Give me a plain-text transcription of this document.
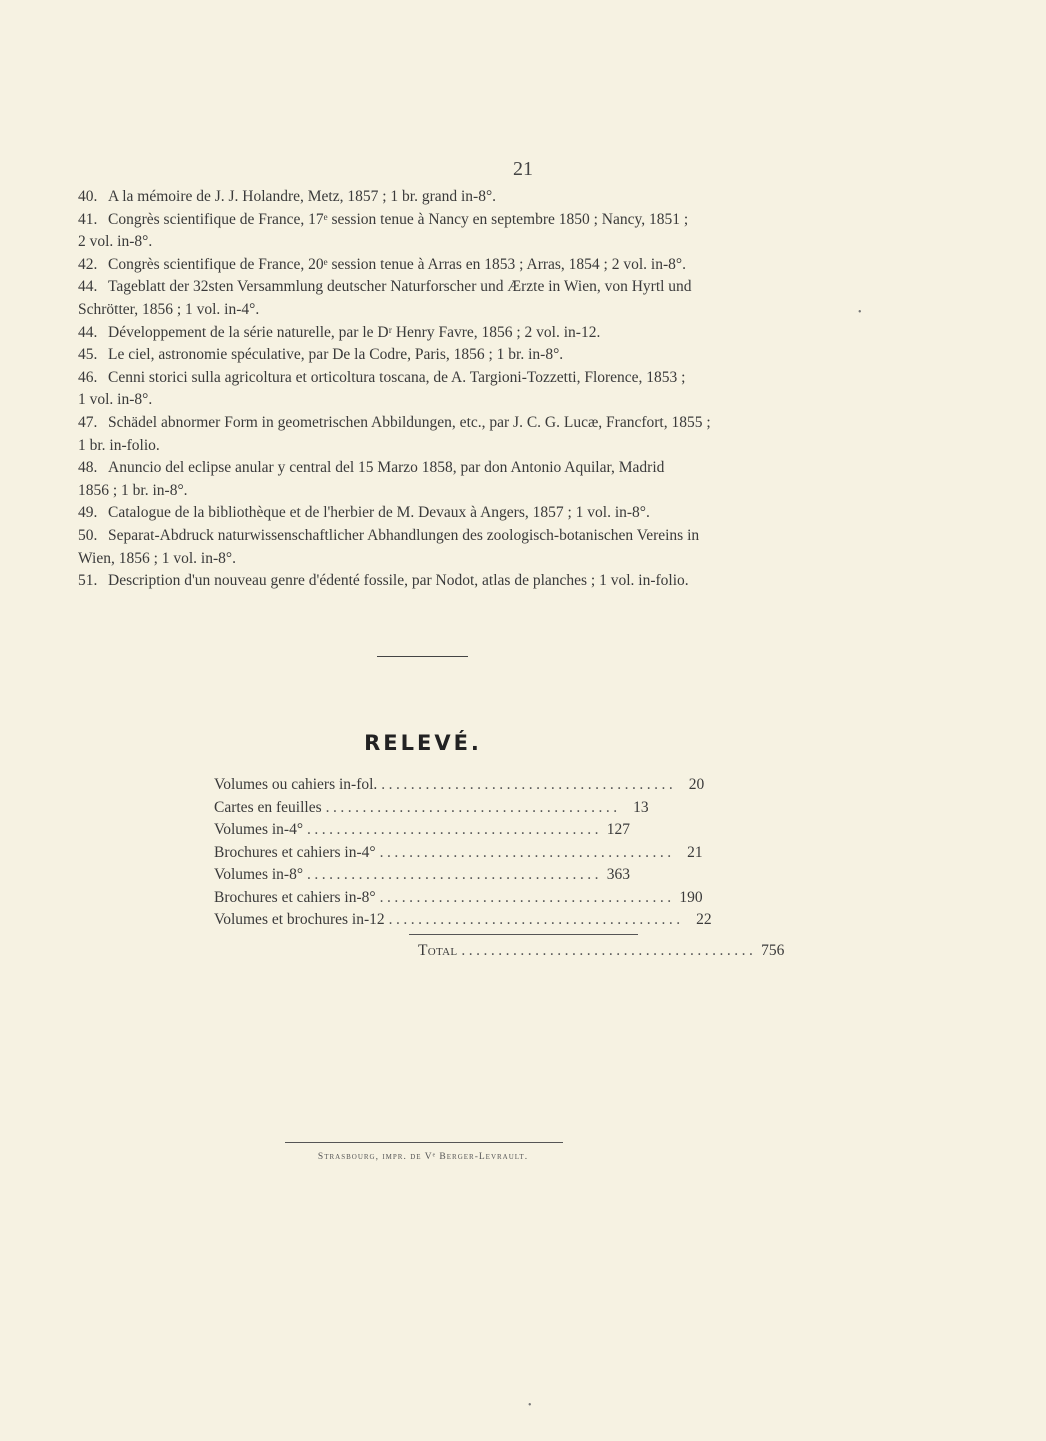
21
40. A la mémoire de J. J. Holandre, Metz, 1857 ; 1 br. grand in-8°.
41. Congrès scientifique de France, 17ᵉ session tenue à Nancy en septembre 1850 ; Nancy, 1851 ;
2 vol. in-8°.
42. Congrès scientifique de France, 20ᵉ session tenue à Arras en 1853 ; Arras, 1854 ; 2 vol. in-8°.
44. Tageblatt der 32sten Versammlung deutscher Naturforscher und Ærzte in Wien, von Hyrtl und
Schrötter, 1856 ; 1 vol. in-4°.
44. Développement de la série naturelle, par le Dʳ Henry Favre, 1856 ; 2 vol. in-12.
45. Le ciel, astronomie spéculative, par De la Codre, Paris, 1856 ; 1 br. in-8°.
46. Cenni storici sulla agricoltura et orticoltura toscana, de A. Targioni-Tozzetti, Florence, 1853 ;
1 vol. in-8°.
47. Schädel abnormer Form in geometrischen Abbildungen, etc., par J. C. G. Lucæ, Francfort, 1855 ;
1 br. in-folio.
48. Anuncio del eclipse anular y central del 15 Marzo 1858, par don Antonio Aquilar, Madrid
1856 ; 1 br. in-8°.
49. Catalogue de la bibliothèque et de l'herbier de M. Devaux à Angers, 1857 ; 1 vol. in-8°.
50. Separat-Abdruck naturwissenschaftlicher Abhandlungen des zoologisch-botanischen Vereins in
Wien, 1856 ; 1 vol. in-8°.
51. Description d'un nouveau genre d'édenté fossile, par Nodot, atlas de planches ; 1 vol. in-folio.
RELEVÉ.
Volumes ou cahiers in-fol. ........................................ 20
Cartes en feuilles ........................................ 13
Volumes in-4° ........................................ 127
Brochures et cahiers in-4° ........................................ 21
Volumes in-8° ........................................ 363
Brochures et cahiers in-8° ........................................ 190
Volumes et brochures in-12 ........................................ 22
Total ........................................ 756
Strasbourg, impr. de Vᵉ Berger-Levrault.
•
•
